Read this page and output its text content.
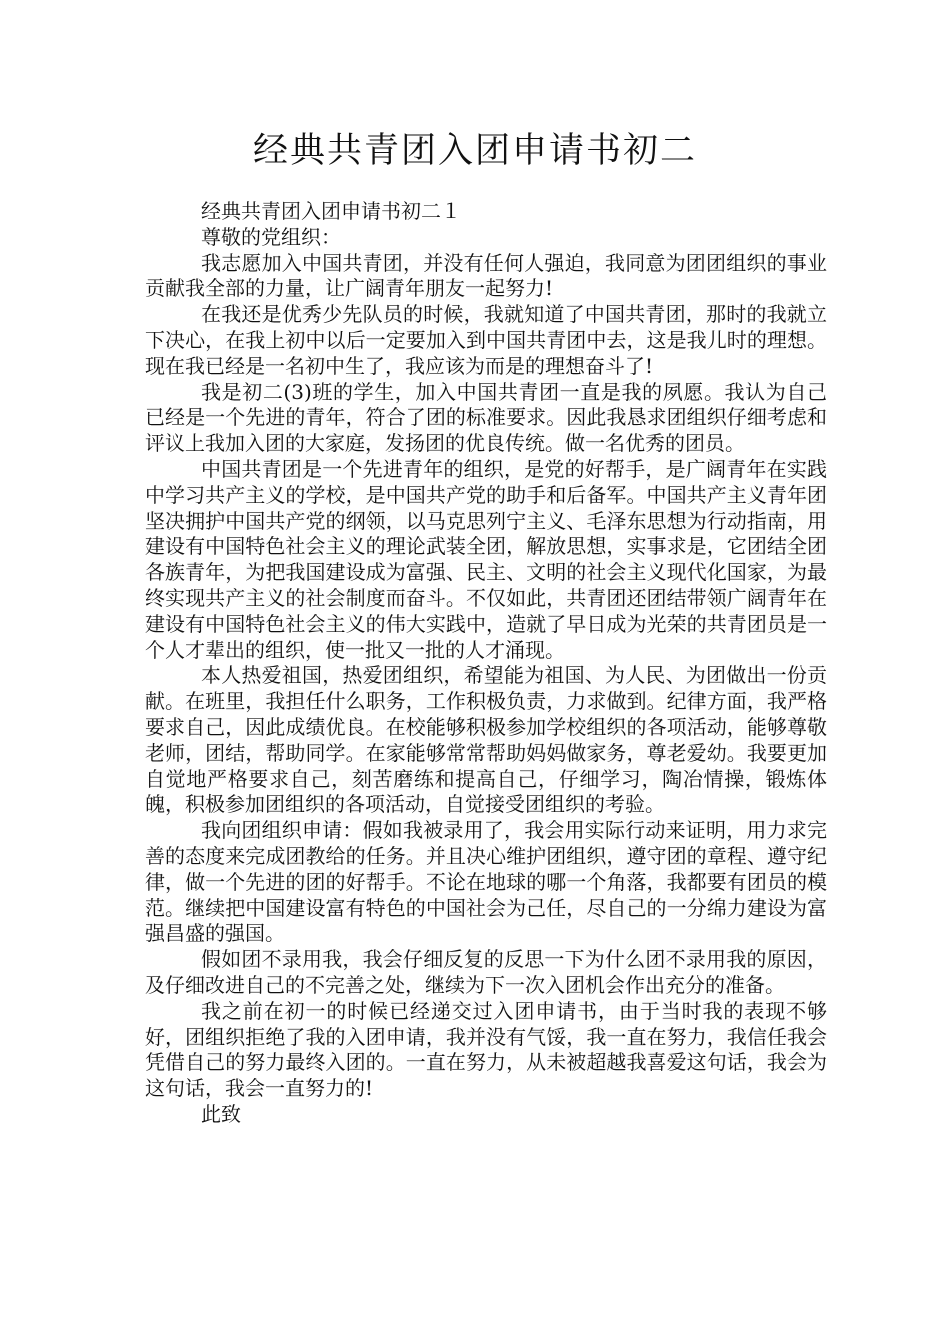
经典共青团入团申请书初二

经典共青团入团申请书初二１

尊敬的党组织：

我志愿加入中国共青团，并没有任何人强迫，我同意为团团组织的事业贡献我全部的力量，让广阔青年朋友一起努力!

在我还是优秀少先队员的时候，我就知道了中国共青团，那时的我就立下决心，在我上初中以后一定要加入到中国共青团中去，这是我儿时的理想。现在我已经是一名初中生了，我应该为而是的理想奋斗了!

我是初二(3)班的学生，加入中国共青团一直是我的夙愿。我认为自己已经是一个先进的青年，符合了团的标准要求。因此我恳求团组织仔细考虑和评议上我加入团的大家庭，发扬团的优良传统。做一名优秀的团员。

中国共青团是一个先进青年的组织，是党的好帮手，是广阔青年在实践中学习共产主义的学校，是中国共产党的助手和后备军。中国共产主义青年团坚决拥护中国共产党的纲领，以马克思列宁主义、毛泽东思想为行动指南，用建设有中国特色社会主义的理论武装全团，解放思想，实事求是，它团结全团各族青年，为把我国建设成为富强、民主、文明的社会主义现代化国家，为最终实现共产主义的社会制度而奋斗。不仅如此，共青团还团结带领广阔青年在建设有中国特色社会主义的伟大实践中，造就了早日成为光荣的共青团员是一个人才辈出的组织，使一批又一批的人才涌现。

本人热爱祖国，热爱团组织，希望能为祖国、为人民、为团做出一份贡献。在班里，我担任什么职务，工作积极负责，力求做到。纪律方面，我严格要求自己，因此成绩优良。在校能够积极参加学校组织的各项活动，能够尊敬老师，团结，帮助同学。在家能够常常帮助妈妈做家务，尊老爱幼。我要更加自觉地严格要求自己，刻苦磨练和提高自己，仔细学习，陶冶情操，锻炼体魄，积极参加团组织的各项活动，自觉接受团组织的考验。

我向团组织申请：假如我被录用了，我会用实际行动来证明，用力求完善的态度来完成团教给的任务。并且决心维护团组织，遵守团的章程、遵守纪律，做一个先进的团的好帮手。不论在地球的哪一个角落，我都要有团员的模范。继续把中国建设富有特色的中国社会为己任，尽自己的一分绵力建设为富强昌盛的强国。

假如团不录用我，我会仔细反复的反思一下为什么团不录用我的原因，及仔细改进自己的不完善之处，继续为下一次入团机会作出充分的准备。

我之前在初一的时候已经递交过入团申请书，由于当时我的表现不够好，团组织拒绝了我的入团申请，我并没有气馁，我一直在努力，我信任我会凭借自己的努力最终入团的。一直在努力，从未被超越我喜爱这句话，我会为这句话，我会一直努力的!

此致
